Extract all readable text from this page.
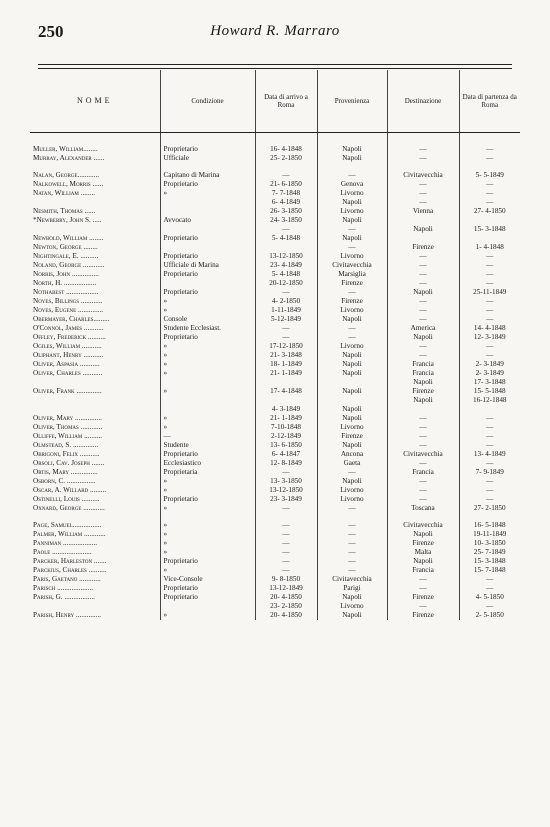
250	Howard R. Marraro
NOME	Condizione	Data di arrivo a Roma	Provenienza	Destinazione	Data di partenza da Roma

Muller, William........	Proprietario	16- 4-1848	Napoli	—	—
Murray, Alexander ......	Ufficiale	25- 2-1850	Napoli	—	—

Nalan, George............	Capitano di Marina	—	—	Civitavecchia	5- 5-1849
Nalkowell, Morris ......	Proprietario	21- 6-1850	Genova	—	—
Natan, William ........	»	7- 7-1848	Livorno	—	—
		6- 4-1849	Napoli	—	—
Nesmith, Thomas ......		26- 3-1850	Livorno	Vienna	27- 4-1850
*Newberry, John S. .....	Avvocato	24- 3-1850	Napoli		
		—	—	Napoli	15- 3-1848
Newbold, William ........	Proprietario	5- 4-1848	Napoli		
Newton, George ........			—	Firenze	1- 4-1848
Nightingale, E. ..........	Proprietario	13-12-1850	Livorno	—	—
Noland, George ............	Ufficiale di Marina	23- 4-1849	Civitavecchia	—	—
Norris, John ...............	Proprietario	5- 4-1848	Marsiglia	—	—
North, H. ..................		20-12-1850	Firenze	—	—
Nothabest ..................	Proprietario	—	—	Napoli	25-11-1849
Noyes, Billings ............	»	4- 2-1850	Firenze	—	—
Noyes, Eugene ..............	»	1-11-1849	Livorno	—	—
Obermayer, Charles.........	Console	5-12-1849	Napoli	—	—
O'Connol, James ...........	Studente Ecclesiast.	—	—	America	14- 4-1848
Offley, Frederick ..........	Proprietario	—	—	Napoli	12- 3-1849
Ogiles, William ...........	»	17-12-1850	Livorno	—	—
Oliphant, Henry ...........	»	21- 3-1848	Napoli	—	—
Oliver, Aspasia ...........	»	18- 1-1849	Napoli	Francia	2- 3-1849
Oliver, Charles ...........	»	21- 1-1849	Napoli	Francia	2- 3-1849
				Napoli	17- 3-1848
Oliver, Frank ..............	»	17- 4-1848	Napoli	Firenze	15- 5-1848
				Napoli	16-12-1848
		4- 3-1849	Napoli		
Oliver, Mary ...............	»	21- 1-1849	Napoli	—	—
Oliver, Thomas ............	»	7-10-1848	Livorno	—	—
Olliffe, William ..........	—	2-12-1849	Firenze	—	—
Olmstead, S. ..............	Studente	13- 6-1850	Napoli	—	—
Obrigoni, Felix ...........	Proprietario	6- 4-1847	Ancona	Civitavecchia	13- 4-1849
Orsoli, Cav. Joseph .......	Ecclesiastico	12- 8-1849	Gaeta	—	—
Ortis, Mary ...............	Proprietaria	—	—	Francia	7- 9-1849
Osborn, C. ................	»	13- 3-1850	Napoli	—	—
Oscar, A. Willard .........	»	13-12-1850	Livorno	—	—
Ostinelli, Louis ..........	Proprietario	23- 3-1849	Livorno	—	—
Oxnard, George ............	»	—	—	Toscana	27- 2-1850

Page, Samuel................	»	—	—	Civitavecchia	16- 5-1848
Palmer, William ............	»	—	—	Napoli	19-11-1849
Panniman ...................	»	—	—	Firenze	10- 3-1850
Paole ......................	»	—	—	Malta	25- 7-1849
Parcker, Harleston .......	Proprietario	—	—	Napoli	15- 3-1848
Parckius, Charles ..........	»	—	—	Francia	15- 7-1848
Paris, Gaetano ............	Vice-Console	9- 8-1850	Civitavecchia	—	—
Parisch ....................	Proprietario	13-12-1849	Parigi	—	—
Parish, G. .................	Proprietario	20- 4-1850	Napoli	Firenze	4- 5-1850
		23- 2-1850	Livorno	—	—
Parish, Henry ..............	»	20- 4-1850	Napoli	Firenze	2- 5-1850
